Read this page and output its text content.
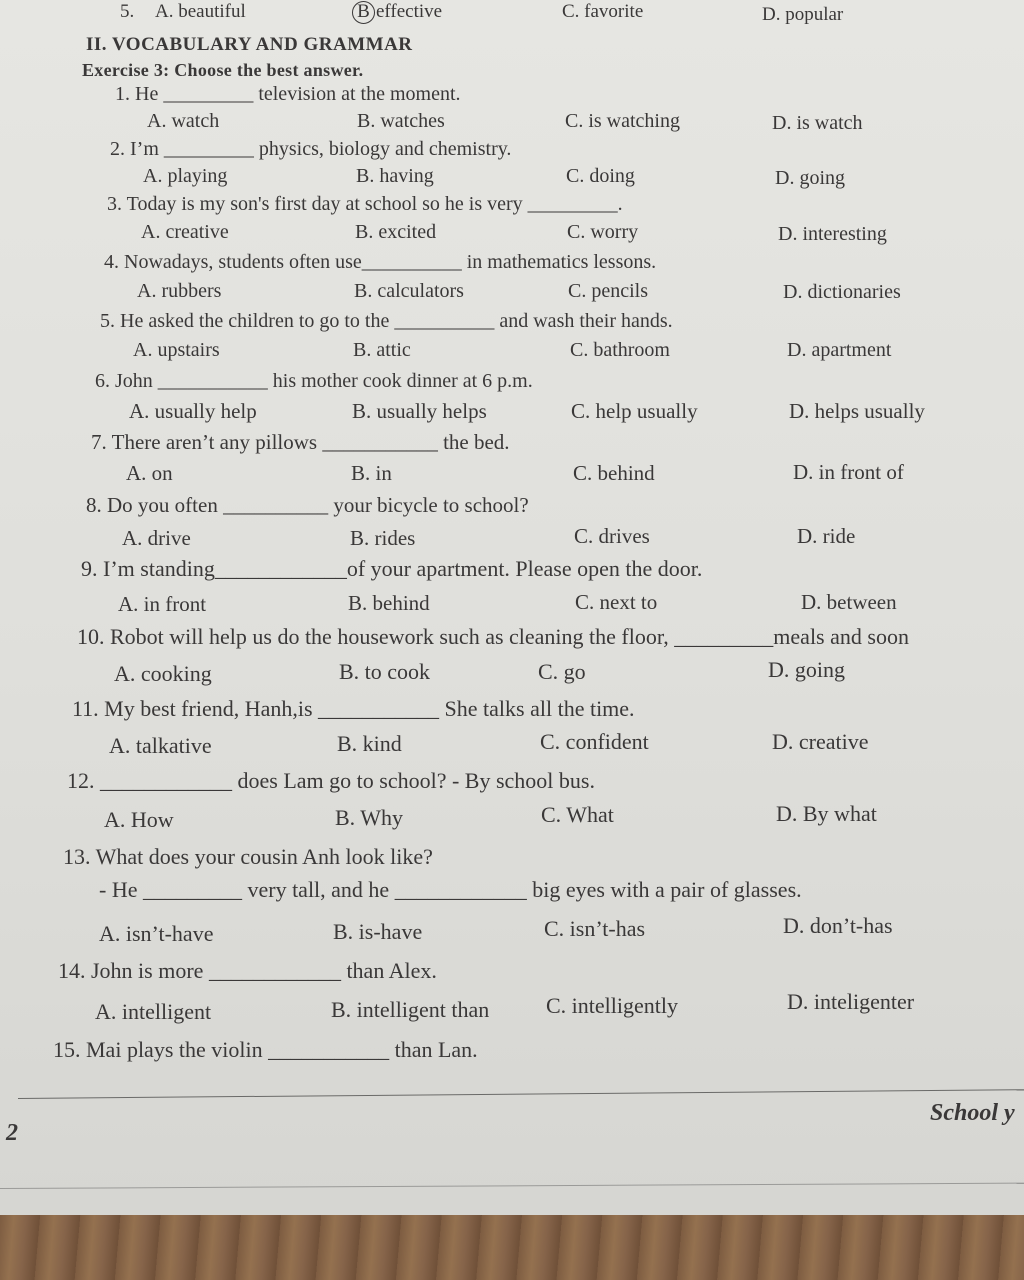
5. A. beautiful	B effective	C. favorite	D. popular
II. VOCABULARY AND GRAMMAR
Exercise 3: Choose the best answer.
1. He _________ television at the moment.
A. watch	B. watches	C. is watching	D. is watch
2. I’m _________ physics, biology and chemistry.
A. playing	B. having	C. doing	D. going
3. Today is my son's first day at school so he is very _________.
A. creative	B. excited	C. worry	D. interesting
4. Nowadays, students often use__________ in mathematics lessons.
A. rubbers	B. calculators	C. pencils	D. dictionaries
5. He asked the children to go to the __________ and wash their hands.
A. upstairs	B. attic	C. bathroom	D. apartment
6. John ___________ his mother cook dinner at 6 p.m.
A. usually help	B. usually helps	C. help usually	D. helps usually
7. There aren’t any pillows ___________ the bed.
A. on	B. in	C. behind	D. in front of
8. Do you often __________ your bicycle to school?
A. drive	B. rides	C. drives	D. ride
9. I’m standing____________of your apartment. Please open the door.
A. in front	B. behind	C. next to	D. between
10. Robot will help us do the housework such as cleaning the floor, _________meals and soon
A. cooking	B. to cook	C. go	D. going
11. My best friend, Hanh,is ___________ She talks all the time.
A. talkative	B. kind	C. confident	D. creative
12. ____________ does Lam go to school? - By school bus.
A. How	B. Why	C. What	D. By what
13. What does your cousin Anh look like?
- He _________ very tall, and he ____________ big eyes with a pair of glasses.
A. isn’t-have	B. is-have	C. isn’t-has	D. don’t-has
14. John is more ____________ than Alex.
A. intelligent	B. intelligent than	C. intelligently	D. inteligenter
15. Mai plays the violin ___________ than Lan.
2
School y
